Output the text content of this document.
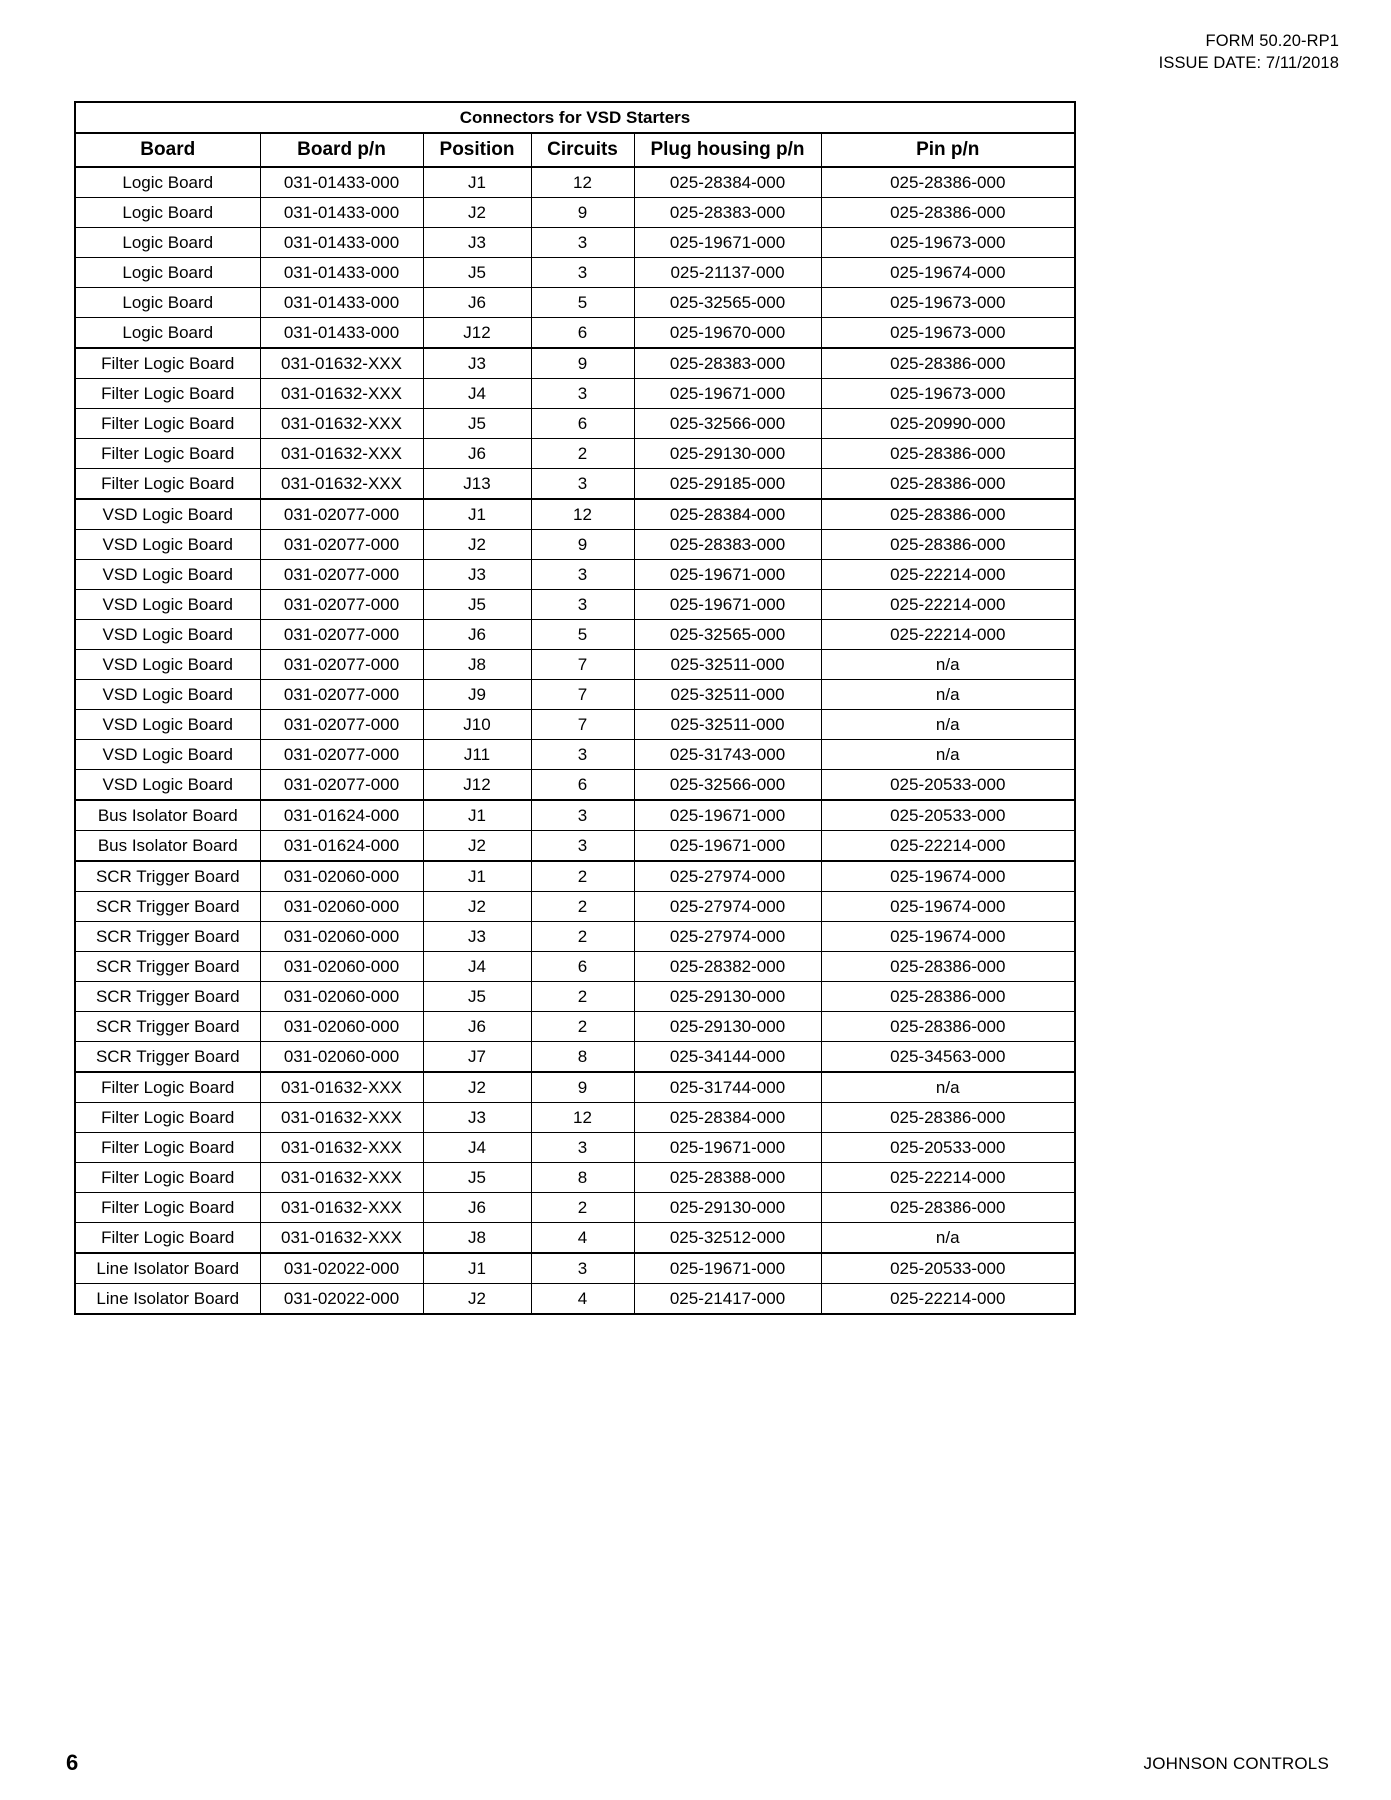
FORM 50.20-RP1
ISSUE DATE: 7/11/2018
Connectors for VSD Starters					
Board	Board p/n	Position	Circuits	Plug housing p/n	Pin p/n
Logic Board	031-01433-000	J1	12	025-28384-000	025-28386-000
Logic Board	031-01433-000	J2	9	025-28383-000	025-28386-000
Logic Board	031-01433-000	J3	3	025-19671-000	025-19673-000
Logic Board	031-01433-000	J5	3	025-21137-000	025-19674-000
Logic Board	031-01433-000	J6	5	025-32565-000	025-19673-000
Logic Board	031-01433-000	J12	6	025-19670-000	025-19673-000
Filter Logic Board	031-01632-XXX	J3	9	025-28383-000	025-28386-000
Filter Logic Board	031-01632-XXX	J4	3	025-19671-000	025-19673-000
Filter Logic Board	031-01632-XXX	J5	6	025-32566-000	025-20990-000
Filter Logic Board	031-01632-XXX	J6	2	025-29130-000	025-28386-000
Filter Logic Board	031-01632-XXX	J13	3	025-29185-000	025-28386-000
VSD Logic Board	031-02077-000	J1	12	025-28384-000	025-28386-000
VSD Logic Board	031-02077-000	J2	9	025-28383-000	025-28386-000
VSD Logic Board	031-02077-000	J3	3	025-19671-000	025-22214-000
VSD Logic Board	031-02077-000	J5	3	025-19671-000	025-22214-000
VSD Logic Board	031-02077-000	J6	5	025-32565-000	025-22214-000
VSD Logic Board	031-02077-000	J8	7	025-32511-000	n/a
VSD Logic Board	031-02077-000	J9	7	025-32511-000	n/a
VSD Logic Board	031-02077-000	J10	7	025-32511-000	n/a
VSD Logic Board	031-02077-000	J11	3	025-31743-000	n/a
VSD Logic Board	031-02077-000	J12	6	025-32566-000	025-20533-000
Bus Isolator Board	031-01624-000	J1	3	025-19671-000	025-20533-000
Bus Isolator Board	031-01624-000	J2	3	025-19671-000	025-22214-000
SCR Trigger Board	031-02060-000	J1	2	025-27974-000	025-19674-000
SCR Trigger Board	031-02060-000	J2	2	025-27974-000	025-19674-000
SCR Trigger Board	031-02060-000	J3	2	025-27974-000	025-19674-000
SCR Trigger Board	031-02060-000	J4	6	025-28382-000	025-28386-000
SCR Trigger Board	031-02060-000	J5	2	025-29130-000	025-28386-000
SCR Trigger Board	031-02060-000	J6	2	025-29130-000	025-28386-000
SCR Trigger Board	031-02060-000	J7	8	025-34144-000	025-34563-000
Filter Logic Board	031-01632-XXX	J2	9	025-31744-000	n/a
Filter Logic Board	031-01632-XXX	J3	12	025-28384-000	025-28386-000
Filter Logic Board	031-01632-XXX	J4	3	025-19671-000	025-20533-000
Filter Logic Board	031-01632-XXX	J5	8	025-28388-000	025-22214-000
Filter Logic Board	031-01632-XXX	J6	2	025-29130-000	025-28386-000
Filter Logic Board	031-01632-XXX	J8	4	025-32512-000	n/a
Line Isolator Board	031-02022-000	J1	3	025-19671-000	025-20533-000
Line Isolator Board	031-02022-000	J2	4	025-21417-000	025-22214-000
6	JOHNSON CONTROLS
